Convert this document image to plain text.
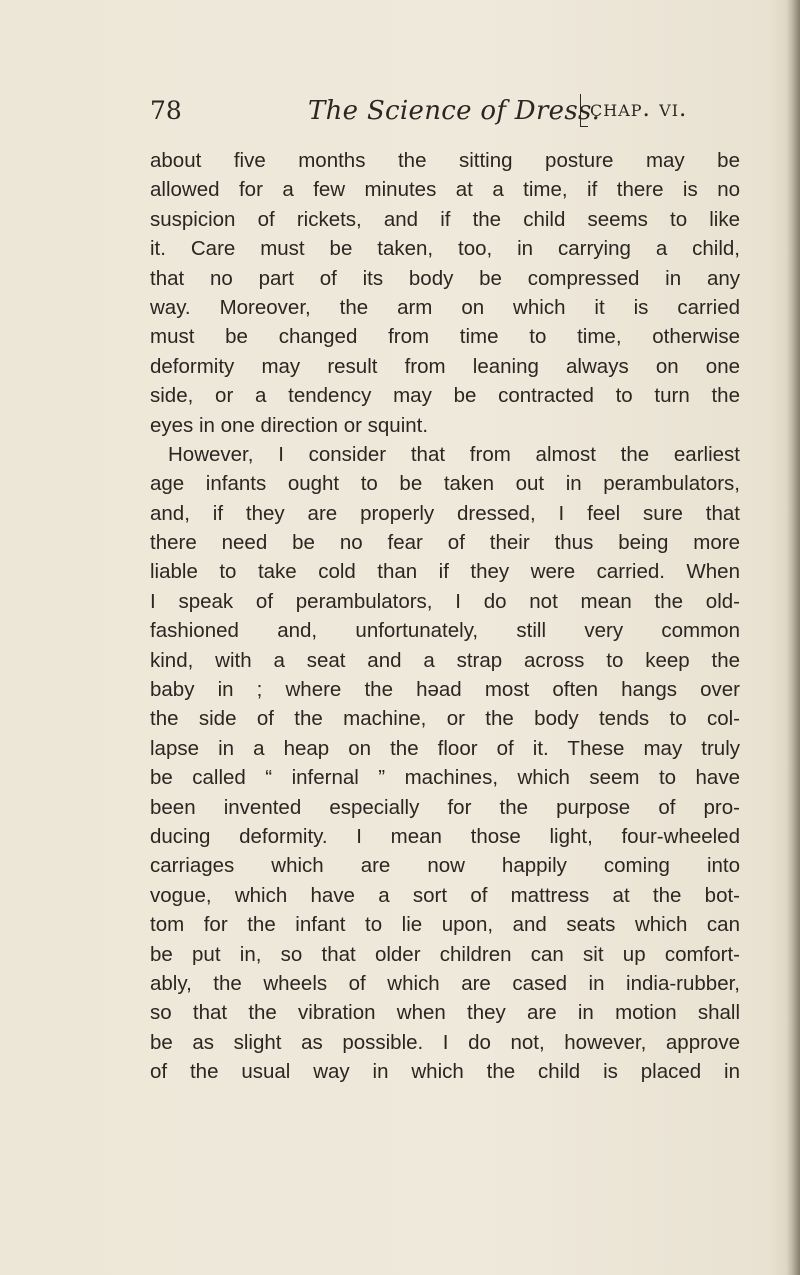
78	The Science of Dress.
chap. vi.
about five months the sitting posture may be
allowed for a few minutes at a time, if there is no
suspicion of rickets, and if the child seems to like
it. Care must be taken, too, in carrying a child,
that no part of its body be compressed in any
way. Moreover, the arm on which it is carried
must be changed from time to time, otherwise
deformity may result from leaning always on one
side, or a tendency may be contracted to turn the
eyes in one direction or squint.
However, I consider that from almost the earliest
age infants ought to be taken out in perambulators,
and, if they are properly dressed, I feel sure that
there need be no fear of their thus being more
liable to take cold than if they were carried. When
I speak of perambulators, I do not mean the old-
fashioned and, unfortunately, still very common
kind, with a seat and a strap across to keep the
baby in ; where the həad most often hangs over
the side of the machine, or the body tends to col-
lapse in a heap on the floor of it. These may truly
be called “ infernal ” machines, which seem to have
been invented especially for the purpose of pro-
ducing deformity. I mean those light, four-wheeled
carriages which are now happily coming into
vogue, which have a sort of mattress at the bot-
tom for the infant to lie upon, and seats which can
be put in, so that older children can sit up comfort-
ably, the wheels of which are cased in india-rubber,
so that the vibration when they are in motion shall
be as slight as possible. I do not, however, approve
of the usual way in which the child is placed in
